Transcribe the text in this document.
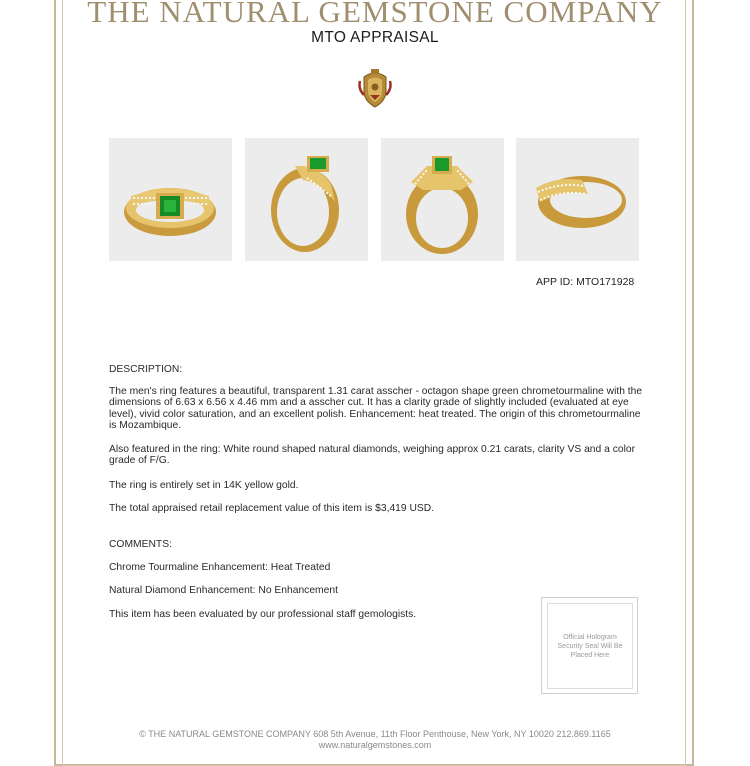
THE NATURAL GEMSTONE COMPANY
MTO APPRAISAL
APP ID: MTO171928
DESCRIPTION:
The men's ring features a beautiful, transparent 1.31 carat asscher - octagon shape green chrometourmaline with the dimensions of 6.63 x 6.56 x 4.46 mm and a asscher cut. It has a clarity grade of slightly included (evaluated at eye level), vivid color saturation, and an excellent polish. Enhancement: heat treated. The origin of this chrometourmaline is Mozambique.
Also featured in the ring: White round shaped natural diamonds, weighing approx 0.21 carats, clarity VS and a color grade of F/G.
The ring is entirely set in 14K yellow gold.
The total appraised retail replacement value of this item is $3,419 USD.
COMMENTS:
Chrome Tourmaline Enhancement: Heat Treated
Natural Diamond Enhancement: No Enhancement
This item has been evaluated by our professional staff gemologists.
Official Hologram Security Seal Will Be Placed Here
© THE NATURAL GEMSTONE COMPANY 608 5th Avenue, 11th Floor Penthouse, New York, NY 10020 212.869.1165
www.naturalgemstones.com
